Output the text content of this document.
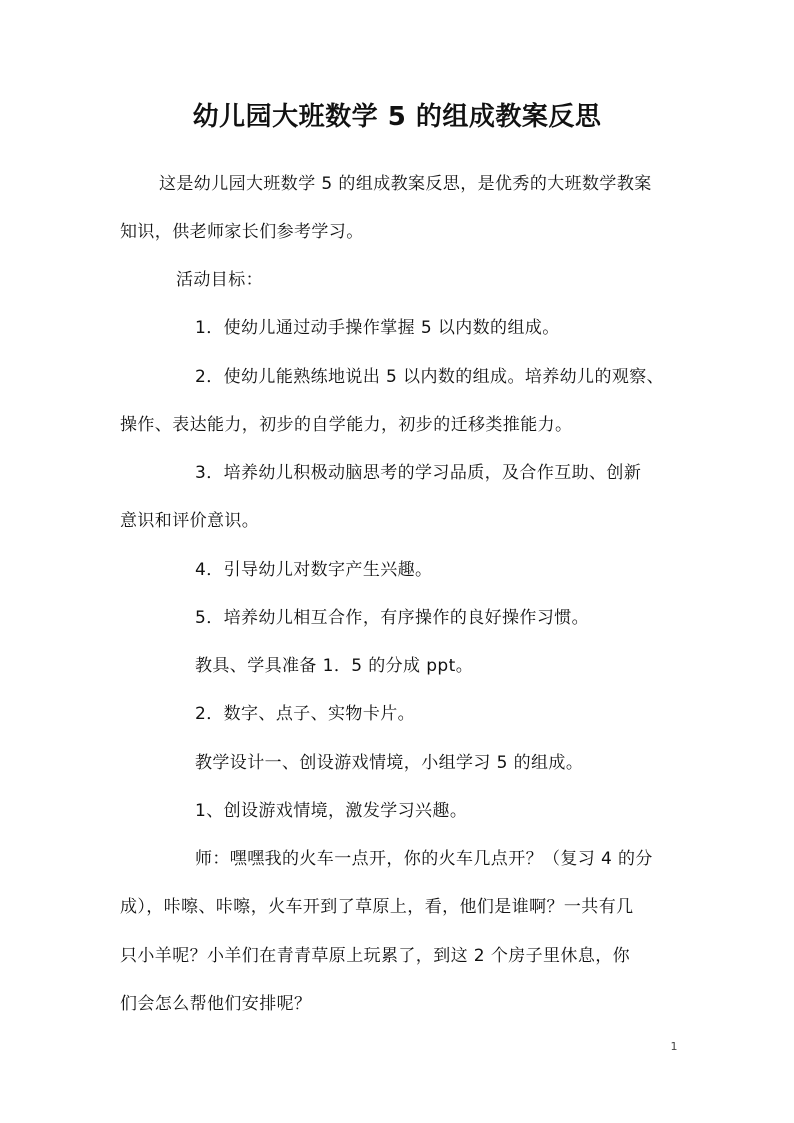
幼儿园大班数学 5 的组成教案反思
这是幼儿园大班数学 5 的组成教案反思，是优秀的大班数学教案
知识，供老师家长们参考学习。
活动目标：
1．使幼儿通过动手操作掌握 5 以内数的组成。
2．使幼儿能熟练地说出 5 以内数的组成。培养幼儿的观察、
操作、表达能力，初步的自学能力，初步的迁移类推能力。
3．培养幼儿积极动脑思考的学习品质，及合作互助、创新
意识和评价意识。
4．引导幼儿对数字产生兴趣。
5．培养幼儿相互合作，有序操作的良好操作习惯。
教具、学具准备 1．5 的分成 ppt。
2．数字、点子、实物卡片。
教学设计一、创设游戏情境，小组学习 5 的组成。
1、创设游戏情境，激发学习兴趣。
师：嘿嘿我的火车一点开，你的火车几点开？（复习 4 的分
成），咔嚓、咔嚓，火车开到了草原上，看，他们是谁啊？一共有几
只小羊呢？小羊们在青青草原上玩累了，到这 2 个房子里休息，你
们会怎么帮他们安排呢？
1
